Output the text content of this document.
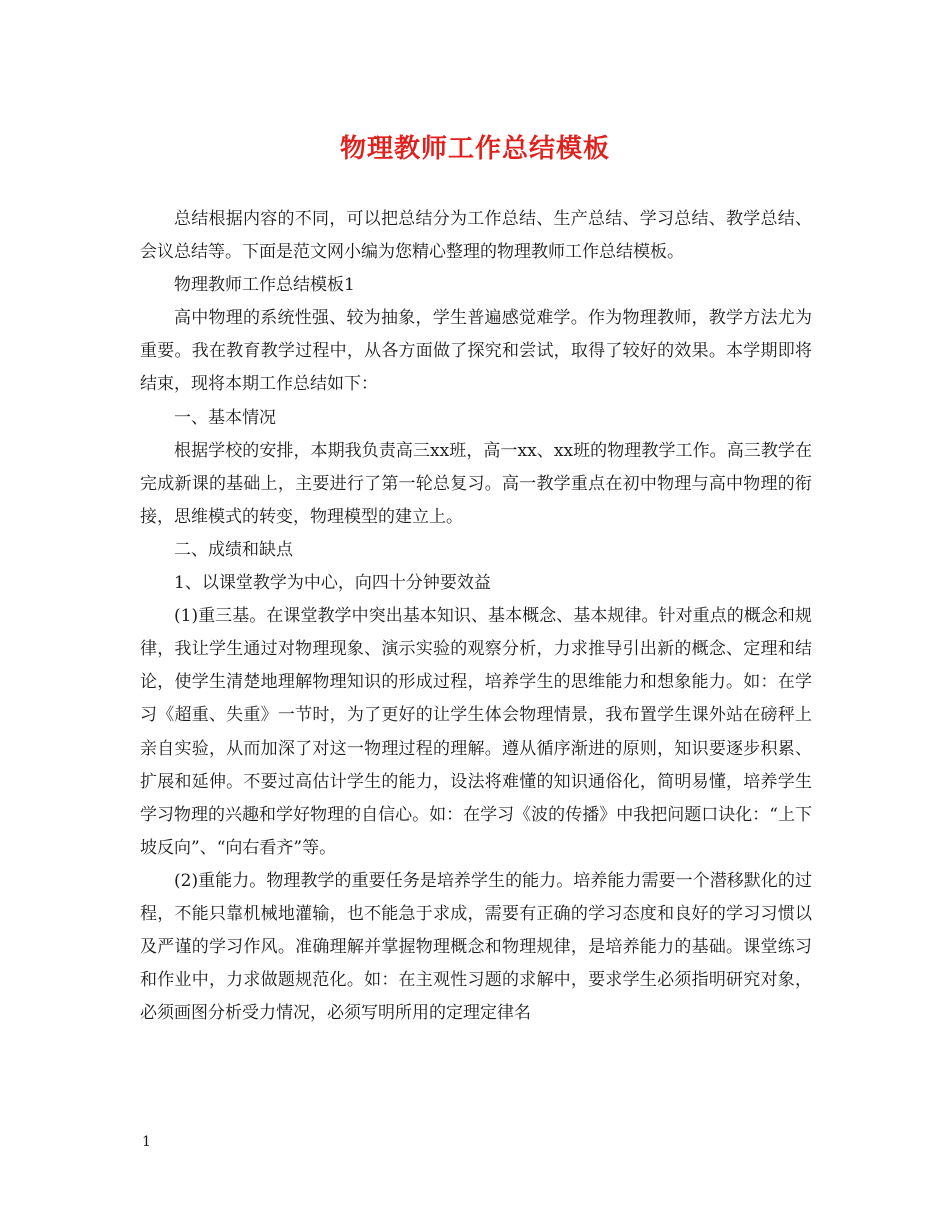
物理教师工作总结模板

总结根据内容的不同，可以把总结分为工作总结、生产总结、学习总结、教学总结、会议总结等。下面是范文网小编为您精心整理的物理教师工作总结模板。

物理教师工作总结模板1

高中物理的系统性强、较为抽象，学生普遍感觉难学。作为物理教师，教学方法尤为重要。我在教育教学过程中，从各方面做了探究和尝试，取得了较好的效果。本学期即将结束，现将本期工作总结如下：

一、基本情况

根据学校的安排，本期我负责高三xx班，高一xx、xx班的物理教学工作。高三教学在完成新课的基础上，主要进行了第一轮总复习。高一教学重点在初中物理与高中物理的衔接，思维模式的转变，物理模型的建立上。

二、成绩和缺点

1、以课堂教学为中心，向四十分钟要效益

(1)重三基。在课堂教学中突出基本知识、基本概念、基本规律。针对重点的概念和规律，我让学生通过对物理现象、演示实验的观察分析，力求推导引出新的概念、定理和结论，使学生清楚地理解物理知识的形成过程，培养学生的思维能力和想象能力。如：在学习《超重、失重》一节时，为了更好的让学生体会物理情景，我布置学生课外站在磅秤上亲自实验，从而加深了对这一物理过程的理解。遵从循序渐进的原则，知识要逐步积累、扩展和延伸。不要过高估计学生的能力，设法将难懂的知识通俗化，简明易懂，培养学生学习物理的兴趣和学好物理的自信心。如：在学习《波的传播》中我把问题口诀化：“上下坡反向”、“向右看齐”等。

(2)重能力。物理教学的重要任务是培养学生的能力。培养能力需要一个潜移默化的过程，不能只靠机械地灌输，也不能急于求成，需要有正确的学习态度和良好的学习习惯以及严谨的学习作风。准确理解并掌握物理概念和物理规律，是培养能力的基础。课堂练习和作业中，力求做题规范化。如：在主观性习题的求解中，要求学生必须指明研究对象，必须画图分析受力情况，必须写明所用的定理定律名

1
